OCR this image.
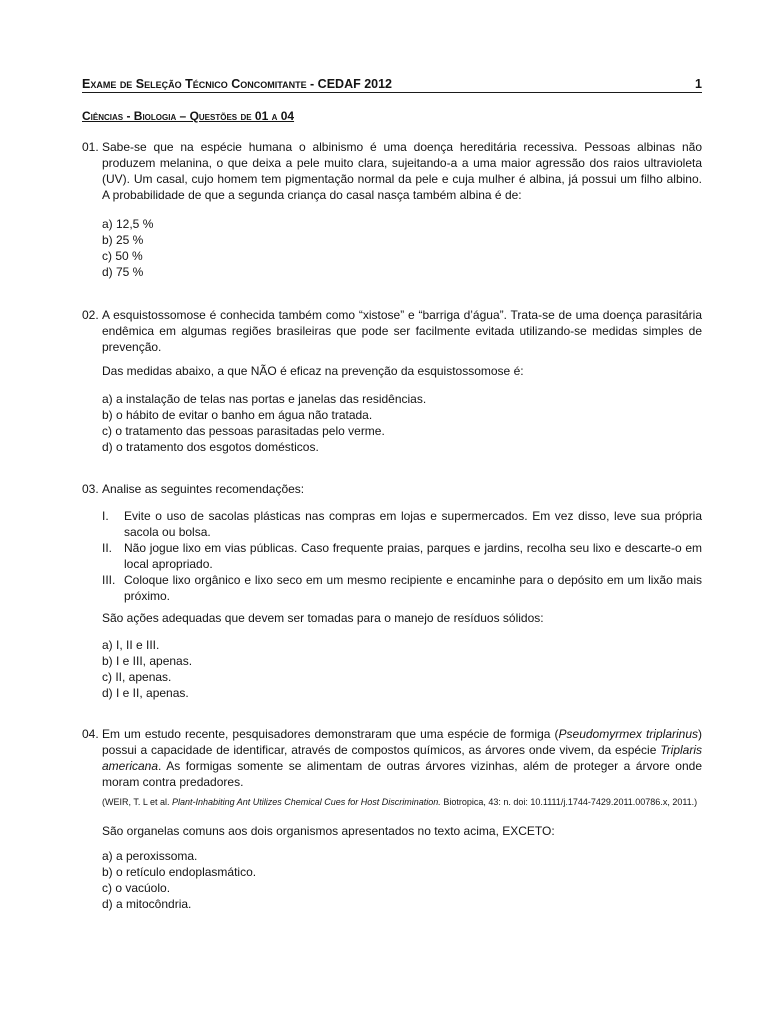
Exame de Seleção Técnico Concomitante - CEDAF 2012	1
Ciências - Biologia – Questões de 01 a 04
01. Sabe-se que na espécie humana o albinismo é uma doença hereditária recessiva. Pessoas albinas não produzem melanina, o que deixa a pele muito clara, sujeitando-a a uma maior agressão dos raios ultravioleta (UV). Um casal, cujo homem tem pigmentação normal da pele e cuja mulher é albina, já possui um filho albino. A probabilidade de que a segunda criança do casal nasça também albina é de:
a) 12,5 %
b) 25 %
c) 50 %
d) 75 %
02. A esquistossomose é conhecida também como “xistose” e “barriga d’água”. Trata-se de uma doença parasitária endêmica em algumas regiões brasileiras que pode ser facilmente evitada utilizando-se medidas simples de prevenção.
Das medidas abaixo, a que NÃO é eficaz na prevenção da esquistossomose é:
a) a instalação de telas nas portas e janelas das residências.
b) o hábito de evitar o banho em água não tratada.
c) o tratamento das pessoas parasitadas pelo verme.
d) o tratamento dos esgotos domésticos.
03. Analise as seguintes recomendações:
I. Evite o uso de sacolas plásticas nas compras em lojas e supermercados. Em vez disso, leve sua própria sacola ou bolsa.
II. Não jogue lixo em vias públicas. Caso frequente praias, parques e jardins, recolha seu lixo e descarte-o em local apropriado.
III. Coloque lixo orgânico e lixo seco em um mesmo recipiente e encaminhe para o depósito em um lixão mais próximo.
São ações adequadas que devem ser tomadas para o manejo de resíduos sólidos:
a) I, II e III.
b) I e III, apenas.
c) II, apenas.
d) I e II, apenas.
04. Em um estudo recente, pesquisadores demonstraram que uma espécie de formiga (Pseudomyrmex triplarinus) possui a capacidade de identificar, através de compostos químicos, as árvores onde vivem, da espécie Triplaris americana. As formigas somente se alimentam de outras árvores vizinhas, além de proteger a árvore onde moram contra predadores.
(WEIR, T. L et al. Plant-Inhabiting Ant Utilizes Chemical Cues for Host Discrimination. Biotropica, 43: n. doi: 10.1111/j.1744-7429.2011.00786.x, 2011.)
São organelas comuns aos dois organismos apresentados no texto acima, EXCETO:
a) a peroxissoma.
b) o retículo endoplasmático.
c) o vacúolo.
d) a mitocôndria.
